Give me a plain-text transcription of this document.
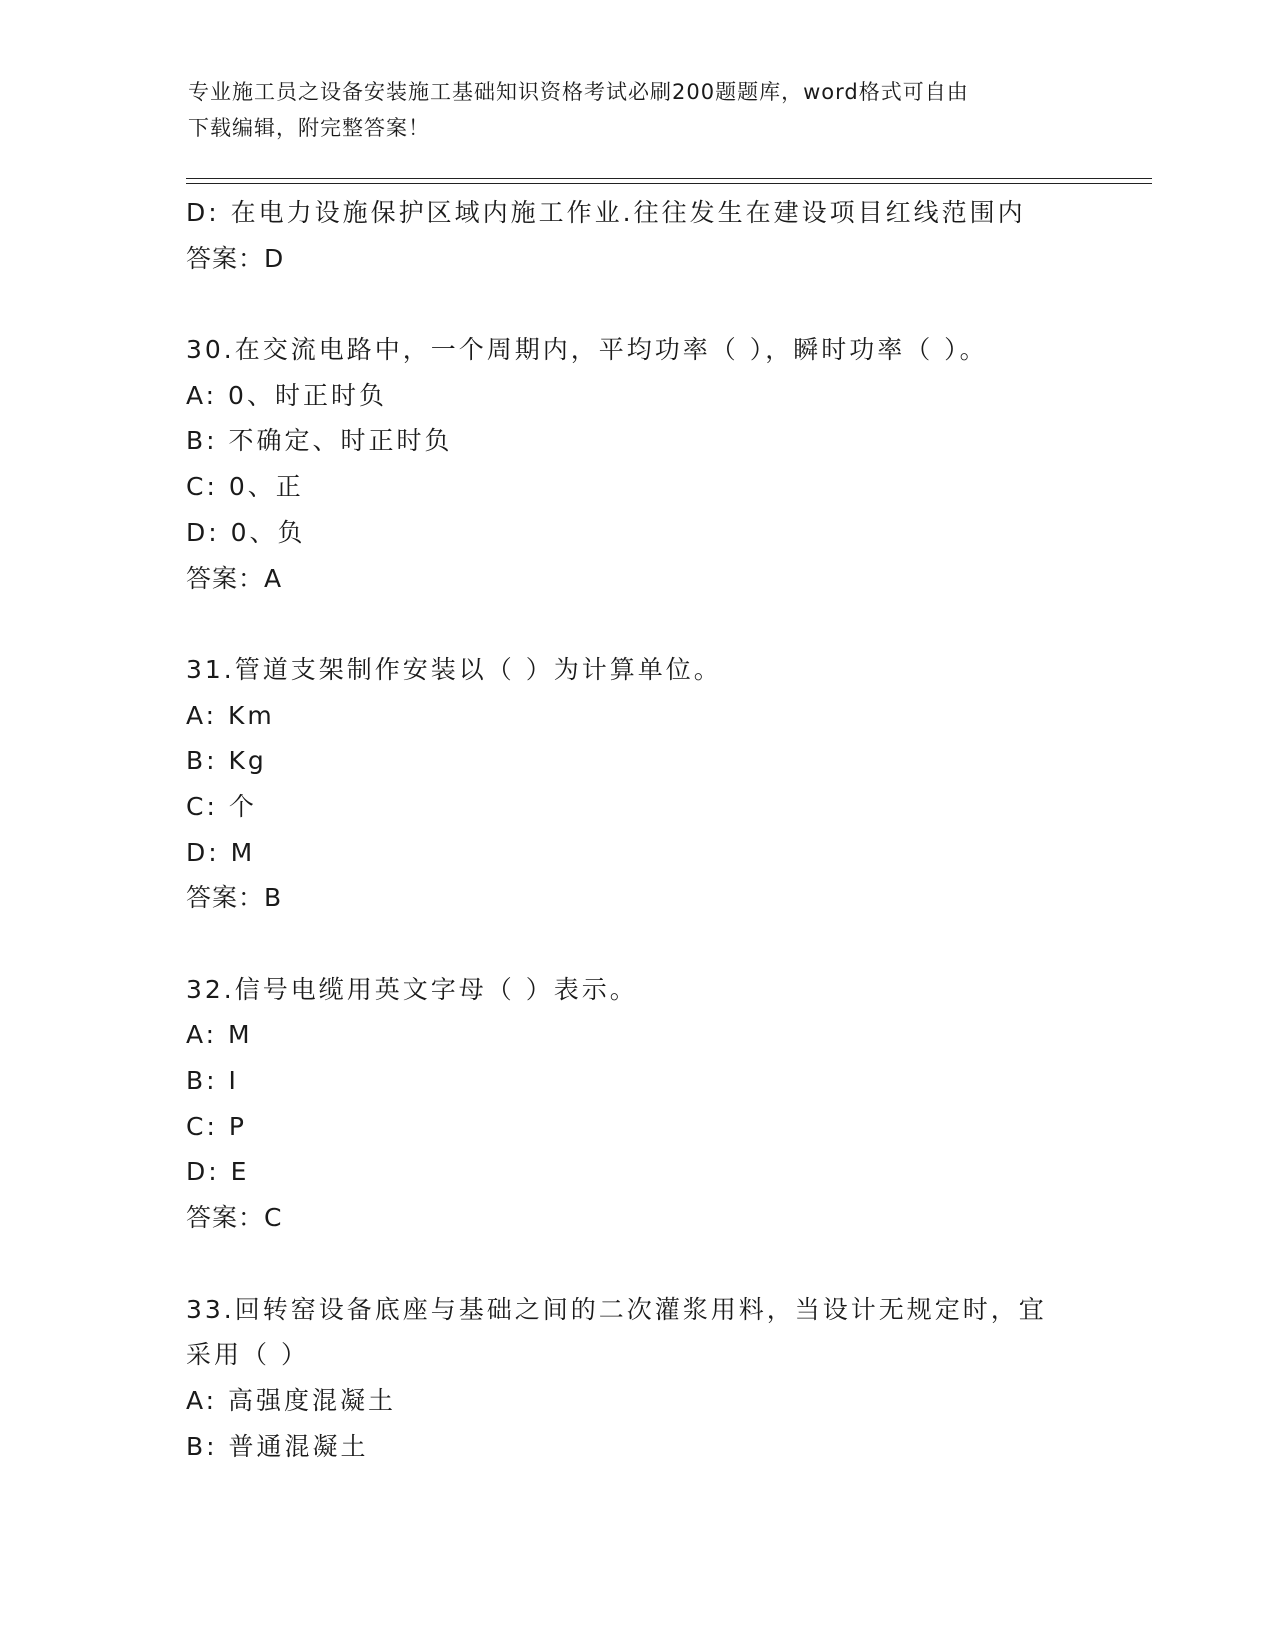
专业施工员之设备安装施工基础知识资格考试必刷200题题库，word格式可自由
下载编辑，附完整答案！
D: 在电力设施保护区域内施工作业.往往发生在建设项目红线范围内
答案：D
30.在交流电路中，一个周期内，平均功率（ ），瞬时功率（ ）。
A: 0、时正时负
B: 不确定、时正时负
C: 0、正
D: 0、负
答案：A
31.管道支架制作安装以（ ）为计算单位。
A: Km
B: Kg
C: 个
D: M
答案：B
32.信号电缆用英文字母（ ）表示。
A: M
B: I
C: P
D: E
答案：C
33.回转窑设备底座与基础之间的二次灌浆用料，当设计无规定时，宜
采用（ ）
A: 高强度混凝土
B: 普通混凝土
